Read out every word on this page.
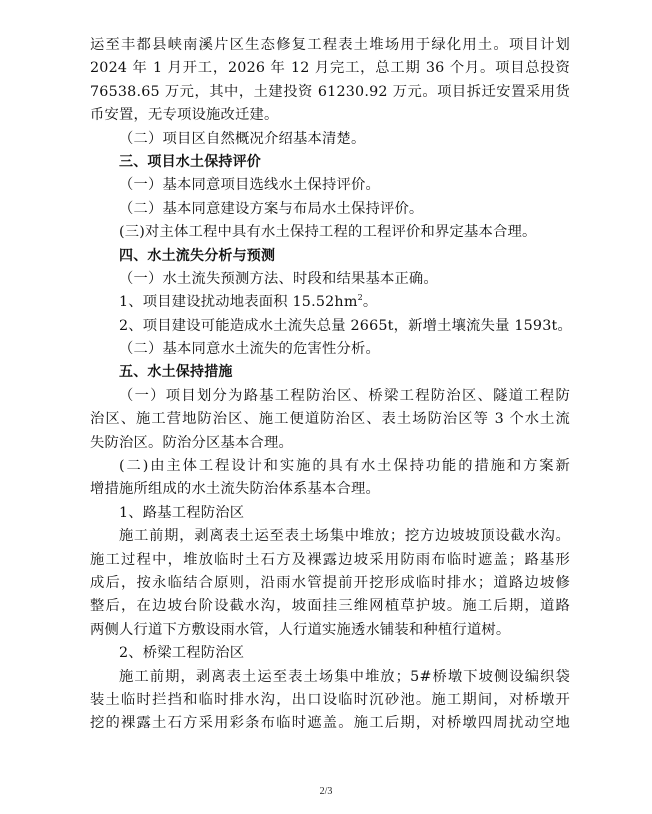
运至丰都县峡南溪片区生态修复工程表土堆场用于绿化用土。项目计划
2024 年 1 月开工，2026 年 12 月完工，总工期 36 个月。项目总投资
76538.65 万元，其中，土建投资 61230.92 万元。项目拆迁安置采用货
币安置，无专项设施改迁建。
（二）项目区自然概况介绍基本清楚。
三、项目水土保持评价
（一）基本同意项目选线水土保持评价。
（二）基本同意建设方案与布局水土保持评价。
(三)对主体工程中具有水土保持工程的工程评价和界定基本合理。
四、水土流失分析与预测
（一）水土流失预测方法、时段和结果基本正确。
1、项目建设扰动地表面积 $15.52hm^2$。
2、项目建设可能造成水土流失总量 2665t，新增土壤流失量 1593t。
（二）基本同意水土流失的危害性分析。
五、水土保持措施
（一）项目划分为路基工程防治区、桥梁工程防治区、隧道工程防
治区、施工营地防治区、施工便道防治区、表土场防治区等 3 个水土流
失防治区。防治分区基本合理。
(二)由主体工程设计和实施的具有水土保持功能的措施和方案新
增措施所组成的水土流失防治体系基本合理。
1、路基工程防治区
施工前期，剥离表土运至表土场集中堆放；挖方边坡坡顶设截水沟。
施工过程中，堆放临时土石方及裸露边坡采用防雨布临时遮盖；路基形
成后，按永临结合原则，沿雨水管提前开挖形成临时排水；道路边坡修
整后，在边坡台阶设截水沟，坡面挂三维网植草护坡。施工后期，道路
两侧人行道下方敷设雨水管，人行道实施透水铺装和种植行道树。
2、桥梁工程防治区
施工前期，剥离表土运至表土场集中堆放；5#桥墩下坡侧设编织袋
装土临时拦挡和临时排水沟，出口设临时沉砂池。施工期间，对桥墩开
挖的裸露土石方采用彩条布临时遮盖。施工后期，对桥墩四周扰动空地
2/3
